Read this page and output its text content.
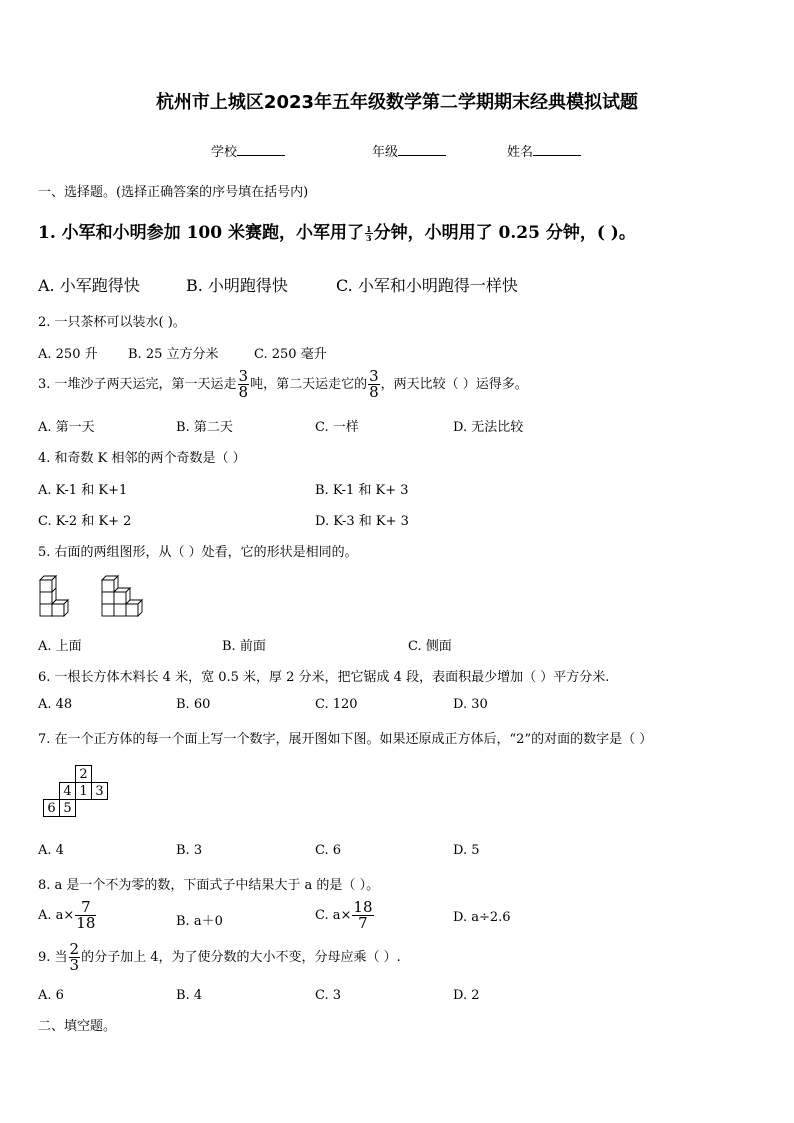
杭州市上城区2023年五年级数学第二学期期末经典模拟试题
学校	年级	姓名
一、选择题。(选择正确答案的序号填在括号内)
1. 小军和小明参加 100 米赛跑，小军用了 $\frac{1}{3}$ 分钟，小明用了 0.25 分钟，( )。
A. 小军跑得快	B. 小明跑得快	C. 小军和小明跑得一样快
2. 一只茶杯可以装水( )。
A. 250 升 B. 25 立方分米	C. 250 毫升
3. 一堆沙子两天运完，第一天运走 $\frac{3}{8}$ 吨，第二天运走它的 $\frac{3}{8}$ ，两天比较（ ）运得多。
A. 第一天	B. 第二天	C. 一样	D. 无法比较
4. 和奇数 K 相邻的两个奇数是（ ）
A. K-1 和 K+1	B. K-1 和 K+ 3
C. K-2 和 K+ 2	D. K-3 和 K+ 3
5. 右面的两组图形，从（ ）处看，它的形状是相同的。
A. 上面	B. 前面	C. 侧面
6. 一根长方体木料长 4 米，宽 0.5 米，厚 2 分米，把它锯成 4 段，表面积最少增加（ ）平方分米.
A. 48	B. 60	C. 120	D. 30
7. 在一个正方体的每一个面上写一个数字，展开图如下图。如果还原成正方体后，“2”的对面的数字是（ ）
		2	
	4	1	3
6	5		
A. 4	B. 3	C. 6	D. 5
8. a 是一个不为零的数，下面式子中结果大于 a 的是（ ）。
A. $a\times \frac{7}{18}$	B. a＋0	C. $a\times \frac{18}{7}$	D. a÷2.6
9. 当 $\frac{2}{3}$ 的分子加上 4，为了使分数的大小不变，分母应乘（ ）.
A. 6	B. 4	C. 3	D. 2
二、填空题。
